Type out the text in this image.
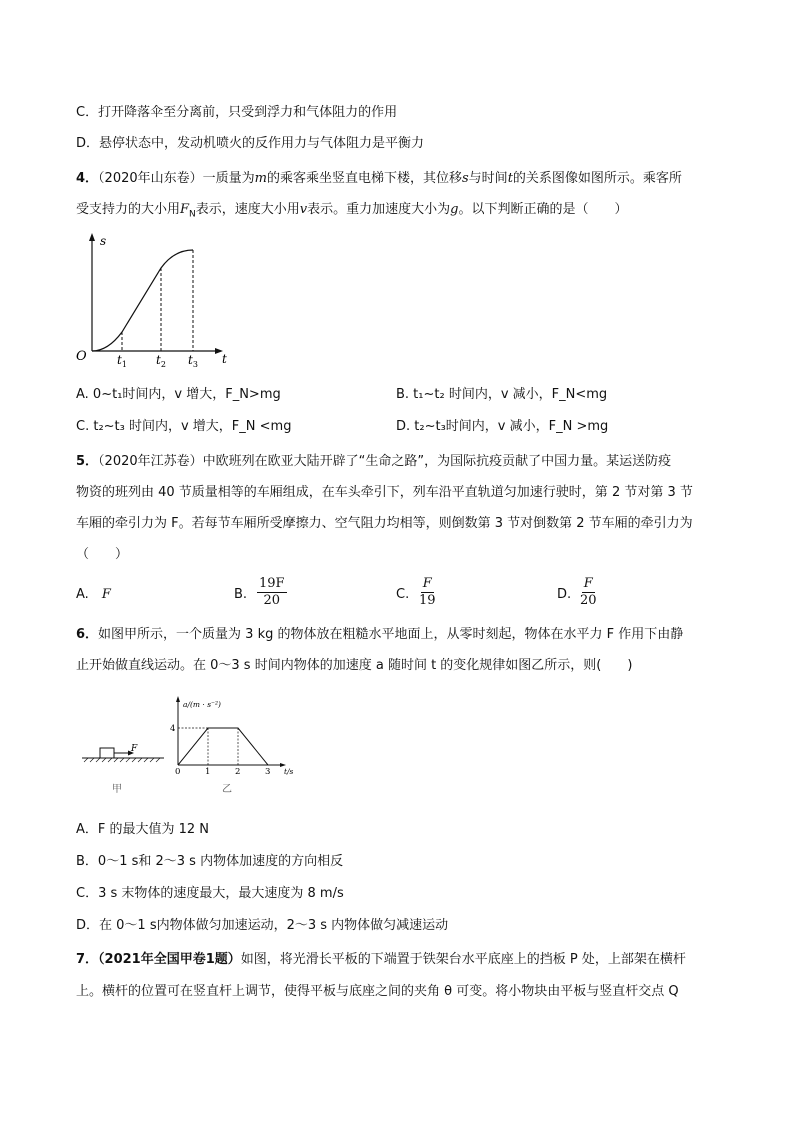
C．打开降落伞至分离前，只受到浮力和气体阻力的作用
D．悬停状态中，发动机喷火的反作用力与气体阻力是平衡力
4．（2020年山东卷）一质量为m的乘客乘坐竖直电梯下楼，其位移s与时间t的关系图像如图所示。乘客所
受支持力的大小用$F_N$表示，速度大小用v表示。重力加速度大小为g。以下判断正确的是（　　）
s
t
O	$t_1$ $t_2$ $t_3$
A. 0~t₁时间内，v 增大，F_N>mg	B. t₁~t₂ 时间内，v 减小，F_N<mg
C. t₂~t₃ 时间内，v 增大，F_N <mg	D. t₂~t₃时间内，v 减小，F_N >mg
5．（2020年江苏卷）中欧班列在欧亚大陆开辟了“生命之路”，为国际抗疫贡献了中国力量。某运送防疫
物资的班列由 40 节质量相等的车厢组成，在车头牵引下，列车沿平直轨道匀加速行驶时，第 2 节对第 3 节
车厢的牵引力为 F。若每节车厢所受摩擦力、空气阻力均相等，则倒数第 3 节对倒数第 2 节车厢的牵引力为
（　　）
A.　 F	B. $\frac{19F}{20}$	C. $\frac{F}{19}$	D. $\frac{F}{20}$
6．如图甲所示，一个质量为 3 kg 的物体放在粗糙水平地面上，从零时刻起，物体在水平力 F 作用下由静
止开始做直线运动。在 0～3 s 时间内物体的加速度 a 随时间 t 的变化规律如图乙所示，则(　　)
F
甲
a/(m · s⁻²)
t/s
4
0	1	2	3
乙
A．F 的最大值为 12 N
B．0～1 s和 2～3 s 内物体加速度的方向相反
C．3 s 末物体的速度最大，最大速度为 8 m/s
D．在 0～1 s内物体做匀加速运动，2～3 s 内物体做匀减速运动
7．（2021年全国甲卷1题）如图，将光滑长平板的下端置于铁架台水平底座上的挡板 P 处，上部架在横杆
上。横杆的位置可在竖直杆上调节，使得平板与底座之间的夹角 θ 可变。将小物块由平板与竖直杆交点 Q
